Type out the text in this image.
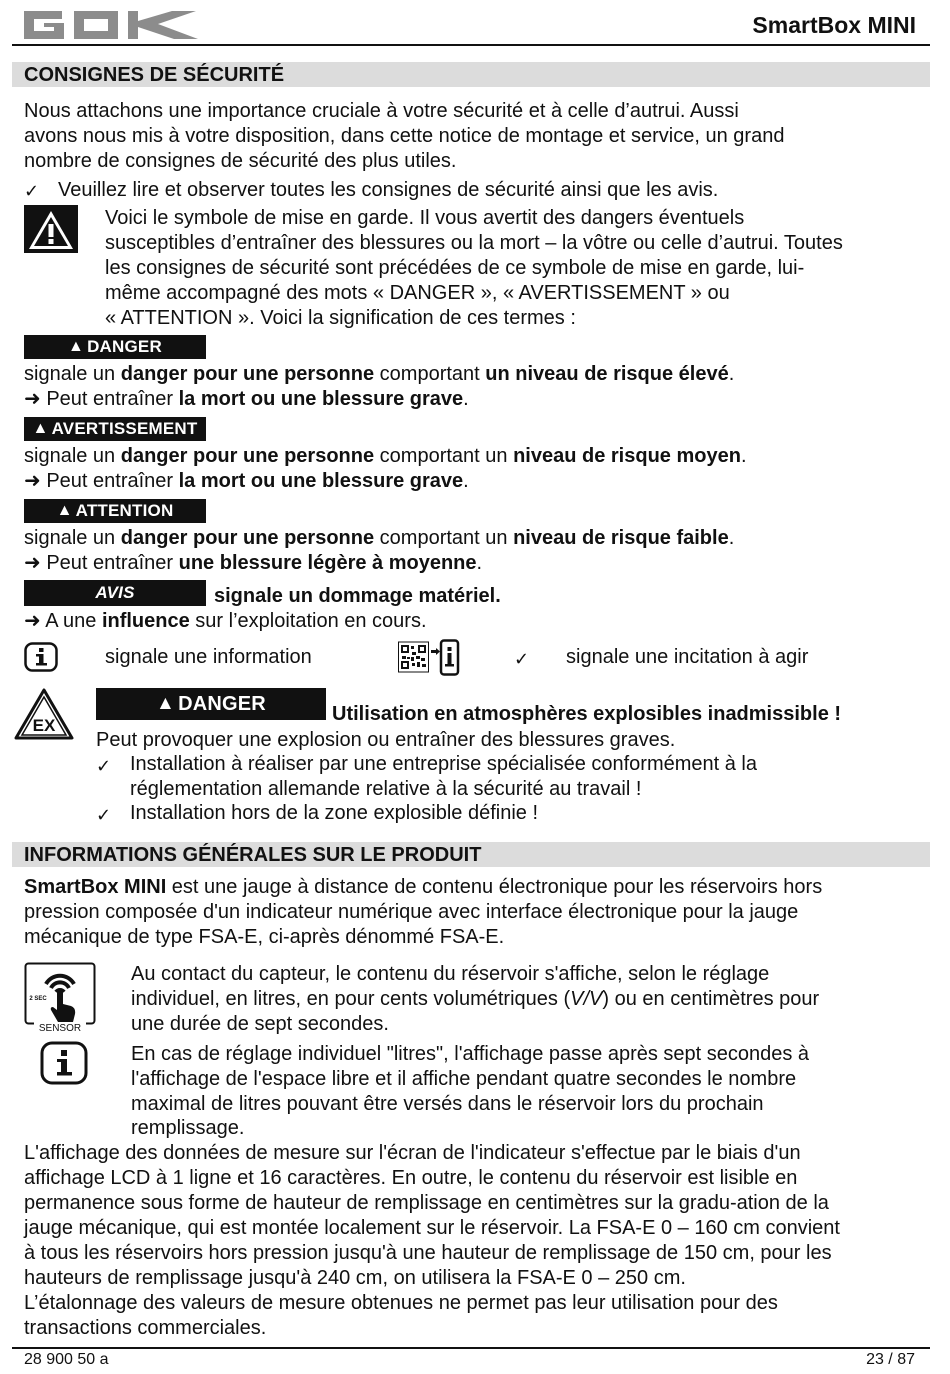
SmartBox MINI
CONSIGNES DE SÉCURITÉ
Nous attachons une importance cruciale à votre sécurité et à celle d’autrui. Aussi
avons nous mis à votre disposition, dans cette notice de montage et service, un grand
nombre de consignes de sécurité des plus utiles.
✓ Veuillez lire et observer toutes les consignes de sécurité ainsi que les avis.
Voici le symbole de mise en garde. Il vous avertit des dangers éventuels
susceptibles d’entraîner des blessures ou la mort – la vôtre ou celle d’autrui. Toutes
les consignes de sécurité sont précédées de ce symbole de mise en garde, lui-
même accompagné des mots « DANGER », « AVERTISSEMENT » ou
« ATTENTION ». Voici la signification de ces termes :
▲ DANGER
signale un danger pour une personne comportant un niveau de risque élevé.
➜ Peut entraîner la mort ou une blessure grave.
▲ AVERTISSEMENT
signale un danger pour une personne comportant un niveau de risque moyen.
➜ Peut entraîner la mort ou une blessure grave.
▲ ATTENTION
signale un danger pour une personne comportant un niveau de risque faible.
➜ Peut entraîner une blessure légère à moyenne.
AVIS	signale un dommage matériel.
➜ A une influence sur l’exploitation en cours.
signale une information	✓ signale une incitation à agir
EX
▲ DANGER	Utilisation en atmosphères explosibles inadmissible !
Peut provoquer une explosion ou entraîner des blessures graves.
✓ Installation à réaliser par une entreprise spécialisée conformément à la
réglementation allemande relative à la sécurité au travail !
✓ Installation hors de la zone explosible définie !
INFORMATIONS GÉNÉRALES SUR LE PRODUIT
SmartBox MINI est une jauge à distance de contenu électronique pour les réservoirs hors
pression composée d'un indicateur numérique avec interface électronique pour la jauge
mécanique de type FSA-E, ci-après dénommé FSA-E.
2 SEC
SENSOR
Au contact du capteur, le contenu du réservoir s'affiche, selon le réglage
individuel, en litres, en pour cents volumétriques (V/V) ou en centimètres pour
une durée de sept secondes.
En cas de réglage individuel "litres", l'affichage passe après sept secondes à
l'affichage de l'espace libre et il affiche pendant quatre secondes le nombre
maximal de litres pouvant être versés dans le réservoir lors du prochain
remplissage.
L'affichage des données de mesure sur l'écran de l'indicateur s'effectue par le biais d'un
affichage LCD à 1 ligne et 16 caractères. En outre, le contenu du réservoir est lisible en
permanence sous forme de hauteur de remplissage en centimètres sur la gradu-ation de la
jauge mécanique, qui est montée localement sur le réservoir. La FSA-E 0 – 160 cm convient
à tous les réservoirs hors pression jusqu'à une hauteur de remplissage de 150 cm, pour les
hauteurs de remplissage jusqu'à 240 cm, on utilisera la FSA-E 0 – 250 cm.
L’étalonnage des valeurs de mesure obtenues ne permet pas leur utilisation pour des
transactions commerciales.
28 900 50 a	23 / 87
